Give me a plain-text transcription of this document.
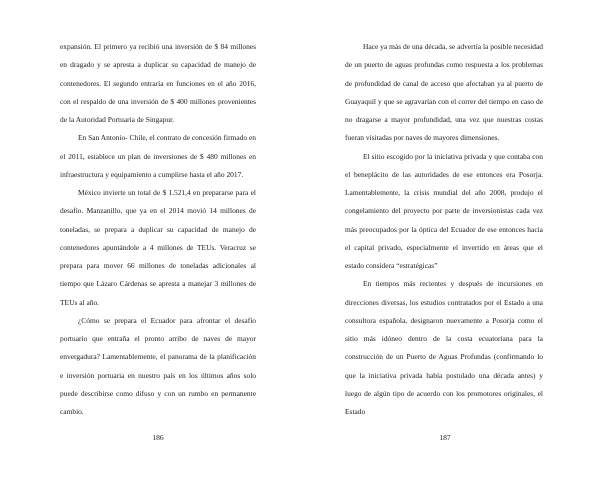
expansión. El primero ya recibió una inversión de $ 84 millones en dragado y se apresta a duplicar su capacidad de manejo de contenedores. El segundo entraría en funciones en el año 2016, con el respaldo de una inversión de $ 400 millones provenientes de la Autoridad Portuaria de Singapur.

En San Antonio- Chile, el contrato de concesión firmado en el 2011, establece un plan de inversiones de $ 480 millones en infraestructura y equipamiento a cumplirse hasta el año 2017.

México invierte un total de $ 1.521,4 en prepararse para el desafío. Manzanillo, que ya en el 2014 movió 14 millones de toneladas, se prepara a duplicar su capacidad de manejo de contenedores apuntándole a 4 millones de TEUs. Veracruz se prepara para mover 66 millones de toneladas adicionales al tiempo que Lázaro Cárdenas se apresta a manejar 3 millones de TEUs al año.

¿Cómo se prepara el Ecuador para afrontar el desafío portuario que entraña el pronto arribo de naves de mayor envergadura? Lamentablemente, el panorama de la planificación e inversión portuaria en nuestro país en los últimos años solo puede describirse como difuso y con un rumbo en permanente cambio.

186

Hace ya más de una década, se advertía la posible necesidad de un puerto de aguas profundas como respuesta a los problemas de profundidad de canal de acceso que afectaban ya al puerto de Guayaquil y que se agravarían con el correr del tiempo en caso de no dragarse a mayor profundidad, una vez que nuestras costas fueran visitadas por naves de mayores dimensiones.

El sitio escogido por la iniciativa privada y que contaba con el beneplácito de las autoridades de ese entonces era Posorja. Lamentablemente, la crisis mundial del año 2008, produjo el congelamiento del proyecto por parte de inversionistas cada vez más preocupados por la óptica del Ecuador de ese entonces hacia el capital privado, especialmente el invertido en áreas que el estado considera “estratégicas”

En tiempos más recientes y después de incursiones en direcciones diversas, los estudios contratados por el Estado a una consultora española, designaron nuevamente a Posorja como el sitio más idóneo dentro de la costa ecuatoriana para la construcción de un Puerto de Aguas Profundas (confirmando lo que la iniciativa privada había postulado una década antes) y luego de algún tipo de acuerdo con los promotores originales, el Estado

187
